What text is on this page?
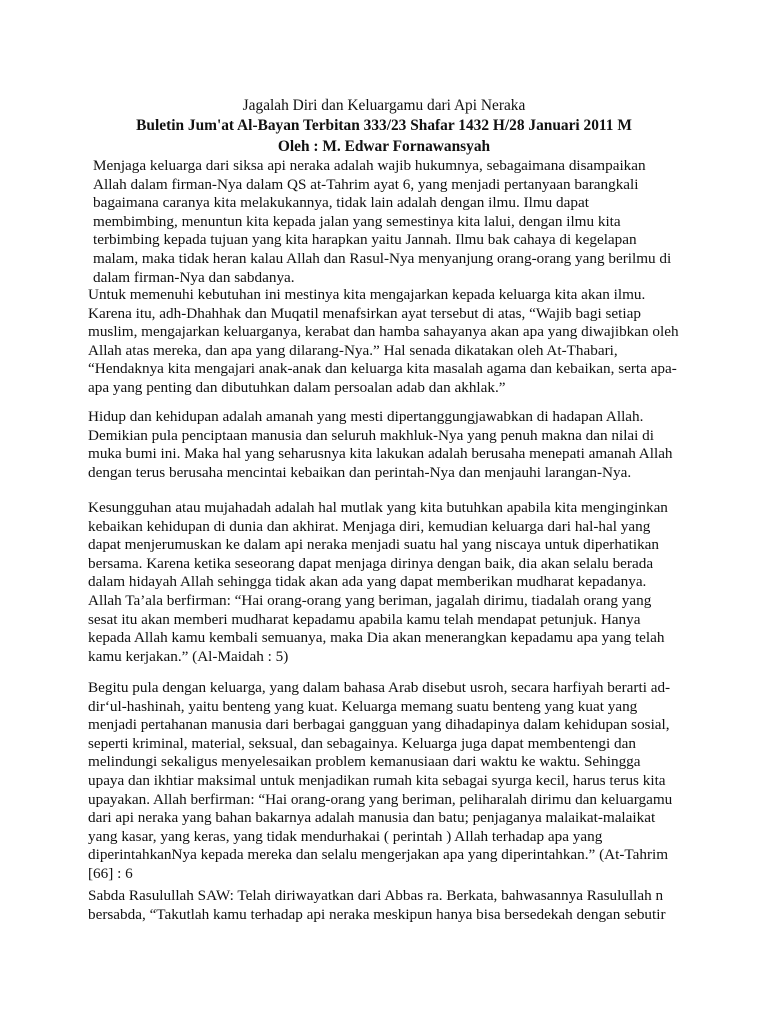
Jagalah Diri dan Keluargamu dari Api Neraka
Buletin Jum'at Al-Bayan Terbitan 333/23 Shafar 1432 H/28 Januari 2011 M
Oleh : M. Edwar Fornawansyah

Menjaga keluarga dari siksa api neraka adalah wajib hukumnya, sebagaimana disampaikan
Allah dalam firman-Nya dalam QS at-Tahrim ayat 6, yang menjadi pertanyaan barangkali
bagaimana caranya kita melakukannya, tidak lain adalah dengan ilmu. Ilmu dapat
membimbing, menuntun kita kepada jalan yang semestinya kita lalui, dengan ilmu kita
terbimbing kepada tujuan yang kita harapkan yaitu Jannah. Ilmu bak cahaya di kegelapan
malam, maka tidak heran kalau Allah dan Rasul-Nya menyanjung orang-orang yang berilmu di
dalam firman-Nya dan sabdanya.

Untuk memenuhi kebutuhan ini mestinya kita mengajarkan kepada keluarga kita akan ilmu.
Karena itu, adh-Dhahhak dan Muqatil menafsirkan ayat tersebut di atas, “Wajib bagi setiap
muslim, mengajarkan keluarganya, kerabat dan hamba sahayanya akan apa yang diwajibkan oleh
Allah atas mereka, dan apa yang dilarang-Nya.” Hal senada dikatakan oleh At-Thabari,
“Hendaknya kita mengajari anak-anak dan keluarga kita masalah agama dan kebaikan, serta apa-
apa yang penting dan dibutuhkan dalam persoalan adab dan akhlak.”

Hidup dan kehidupan adalah amanah yang mesti dipertanggungjawabkan di hadapan Allah.
Demikian pula penciptaan manusia dan seluruh makhluk-Nya yang penuh makna dan nilai di
muka bumi ini. Maka hal yang seharusnya kita lakukan adalah berusaha menepati amanah Allah
dengan terus berusaha mencintai kebaikan dan perintah-Nya dan menjauhi larangan-Nya.

Kesungguhan atau mujahadah adalah hal mutlak yang kita butuhkan apabila kita menginginkan
kebaikan kehidupan di dunia dan akhirat. Menjaga diri, kemudian keluarga dari hal-hal yang
dapat menjerumuskan ke dalam api neraka menjadi suatu hal yang niscaya untuk diperhatikan
bersama. Karena ketika seseorang dapat menjaga dirinya dengan baik, dia akan selalu berada
dalam hidayah Allah sehingga tidak akan ada yang dapat memberikan mudharat kepadanya.
Allah Ta’ala berfirman: “Hai orang-orang yang beriman, jagalah dirimu, tiadalah orang yang
sesat itu akan memberi mudharat kepadamu apabila kamu telah mendapat petunjuk. Hanya
kepada Allah kamu kembali semuanya, maka Dia akan menerangkan kepadamu apa yang telah
kamu kerjakan.” (Al-Maidah : 5)

Begitu pula dengan keluarga, yang dalam bahasa Arab disebut usroh, secara harfiyah berarti ad-
dir‘ul-hashinah, yaitu benteng yang kuat. Keluarga memang suatu benteng yang kuat yang
menjadi pertahanan manusia dari berbagai gangguan yang dihadapinya dalam kehidupan sosial,
seperti kriminal, material, seksual, dan sebagainya. Keluarga juga dapat membentengi dan
melindungi sekaligus menyelesaikan problem kemanusiaan dari waktu ke waktu. Sehingga
upaya dan ikhtiar maksimal untuk menjadikan rumah kita sebagai syurga kecil, harus terus kita
upayakan. Allah berfirman: “Hai orang-orang yang beriman, peliharalah dirimu dan keluargamu
dari api neraka yang bahan bakarnya adalah manusia dan batu; penjaganya malaikat-malaikat
yang kasar, yang keras, yang tidak mendurhakai ( perintah ) Allah terhadap apa yang
diperintahkanNya kepada mereka dan selalu mengerjakan apa yang diperintahkan.” (At-Tahrim
[66] : 6

Sabda Rasulullah SAW: Telah diriwayatkan dari Abbas ra. Berkata, bahwasannya Rasulullah n
bersabda, “Takutlah kamu terhadap api neraka meskipun hanya bisa bersedekah dengan sebutir
